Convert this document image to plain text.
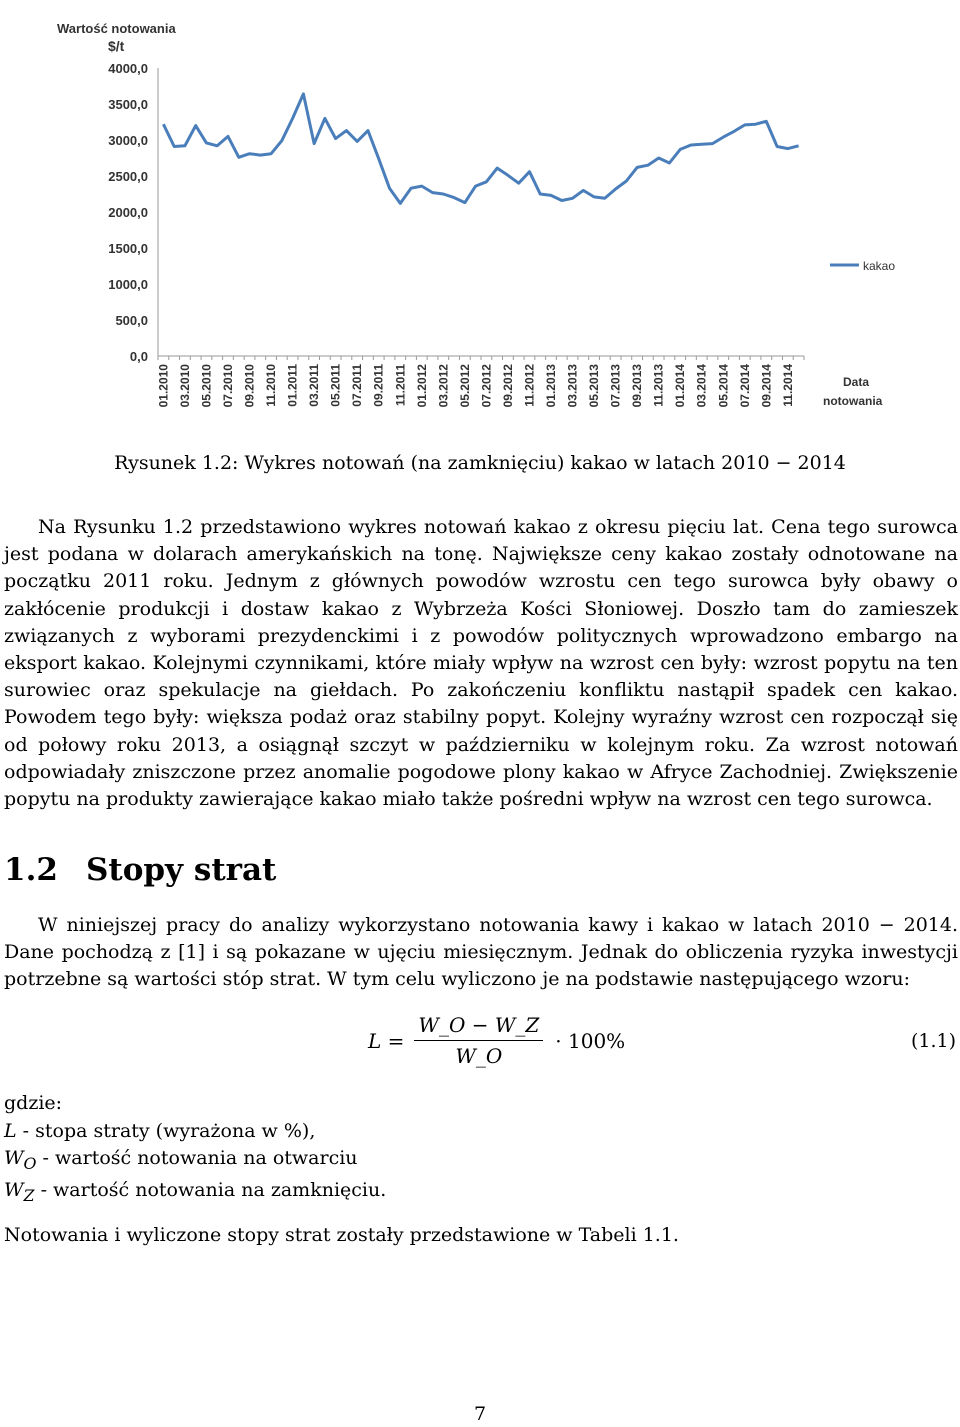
Wartość notowania
$/t
0,0
500,0
1000,0
1500,0
2000,0
2500,0
3000,0
3500,0
4000,0
01.2010 03.2010 05.2010 07.2010 09.2010 11.2010 01.2011 03.2011 05.2011 07.2011 09.2011 11.2011 01.2012 03.2012 05.2012 07.2012 09.2012 11.2012 01.2013 03.2013 05.2013 07.2013 09.2013 11.2013 01.2014 03.2014 05.2014 07.2014 09.2014 11.2014
kakao
Data
notowania
Rysunek 1.2: Wykres notowań (na zamknięciu) kakao w latach 2010 − 2014
Na Rysunku 1.2 przedstawiono wykres notowań kakao z okresu pięciu lat. Cena tego surowca jest podana w dolarach amerykańskich na tonę. Największe ceny kakao zostały odnotowane na początku 2011 roku. Jednym z głównych powodów wzrostu cen tego surowca były obawy o zakłócenie produkcji i dostaw kakao z Wybrzeża Kości Słoniowej. Doszło tam do zamieszek związanych z wyborami prezydenckimi i z powodów politycznych wprowadzono embargo na eksport kakao. Kolejnymi czynnikami, które miały wpływ na wzrost cen były: wzrost popytu na ten surowiec oraz spekulacje na giełdach. Po zakończeniu konfliktu nastąpił spadek cen kakao. Powodem tego były: większa podaż oraz stabilny popyt. Kolejny wyraźny wzrost cen rozpoczął się od połowy roku 2013, a osiągnął szczyt w październiku w kolejnym roku. Za wzrost notowań odpowiadały zniszczone przez anomalie pogodowe plony kakao w Afryce Zachodniej. Zwiększenie popytu na produkty zawierające kakao miało także pośredni wpływ na wzrost cen tego surowca.
1.2 Stopy strat
W niniejszej pracy do analizy wykorzystano notowania kawy i kakao w latach 2010 − 2014. Dane pochodzą z [1] i są pokazane w ujęciu miesięcznym. Jednak do obliczenia ryzyka inwestycji potrzebne są wartości stóp strat. W tym celu wyliczono je na podstawie następującego wzoru:
$L = \frac{W\_O - W\_Z}{W\_O} \cdot 100\%$	(1.1)
gdzie:
L - stopa straty (wyrażona w %),
$W_O$ - wartość notowania na otwarciu
$W_Z$ - wartość notowania na zamknięciu.
Notowania i wyliczone stopy strat zostały przedstawione w Tabeli 1.1.
7
